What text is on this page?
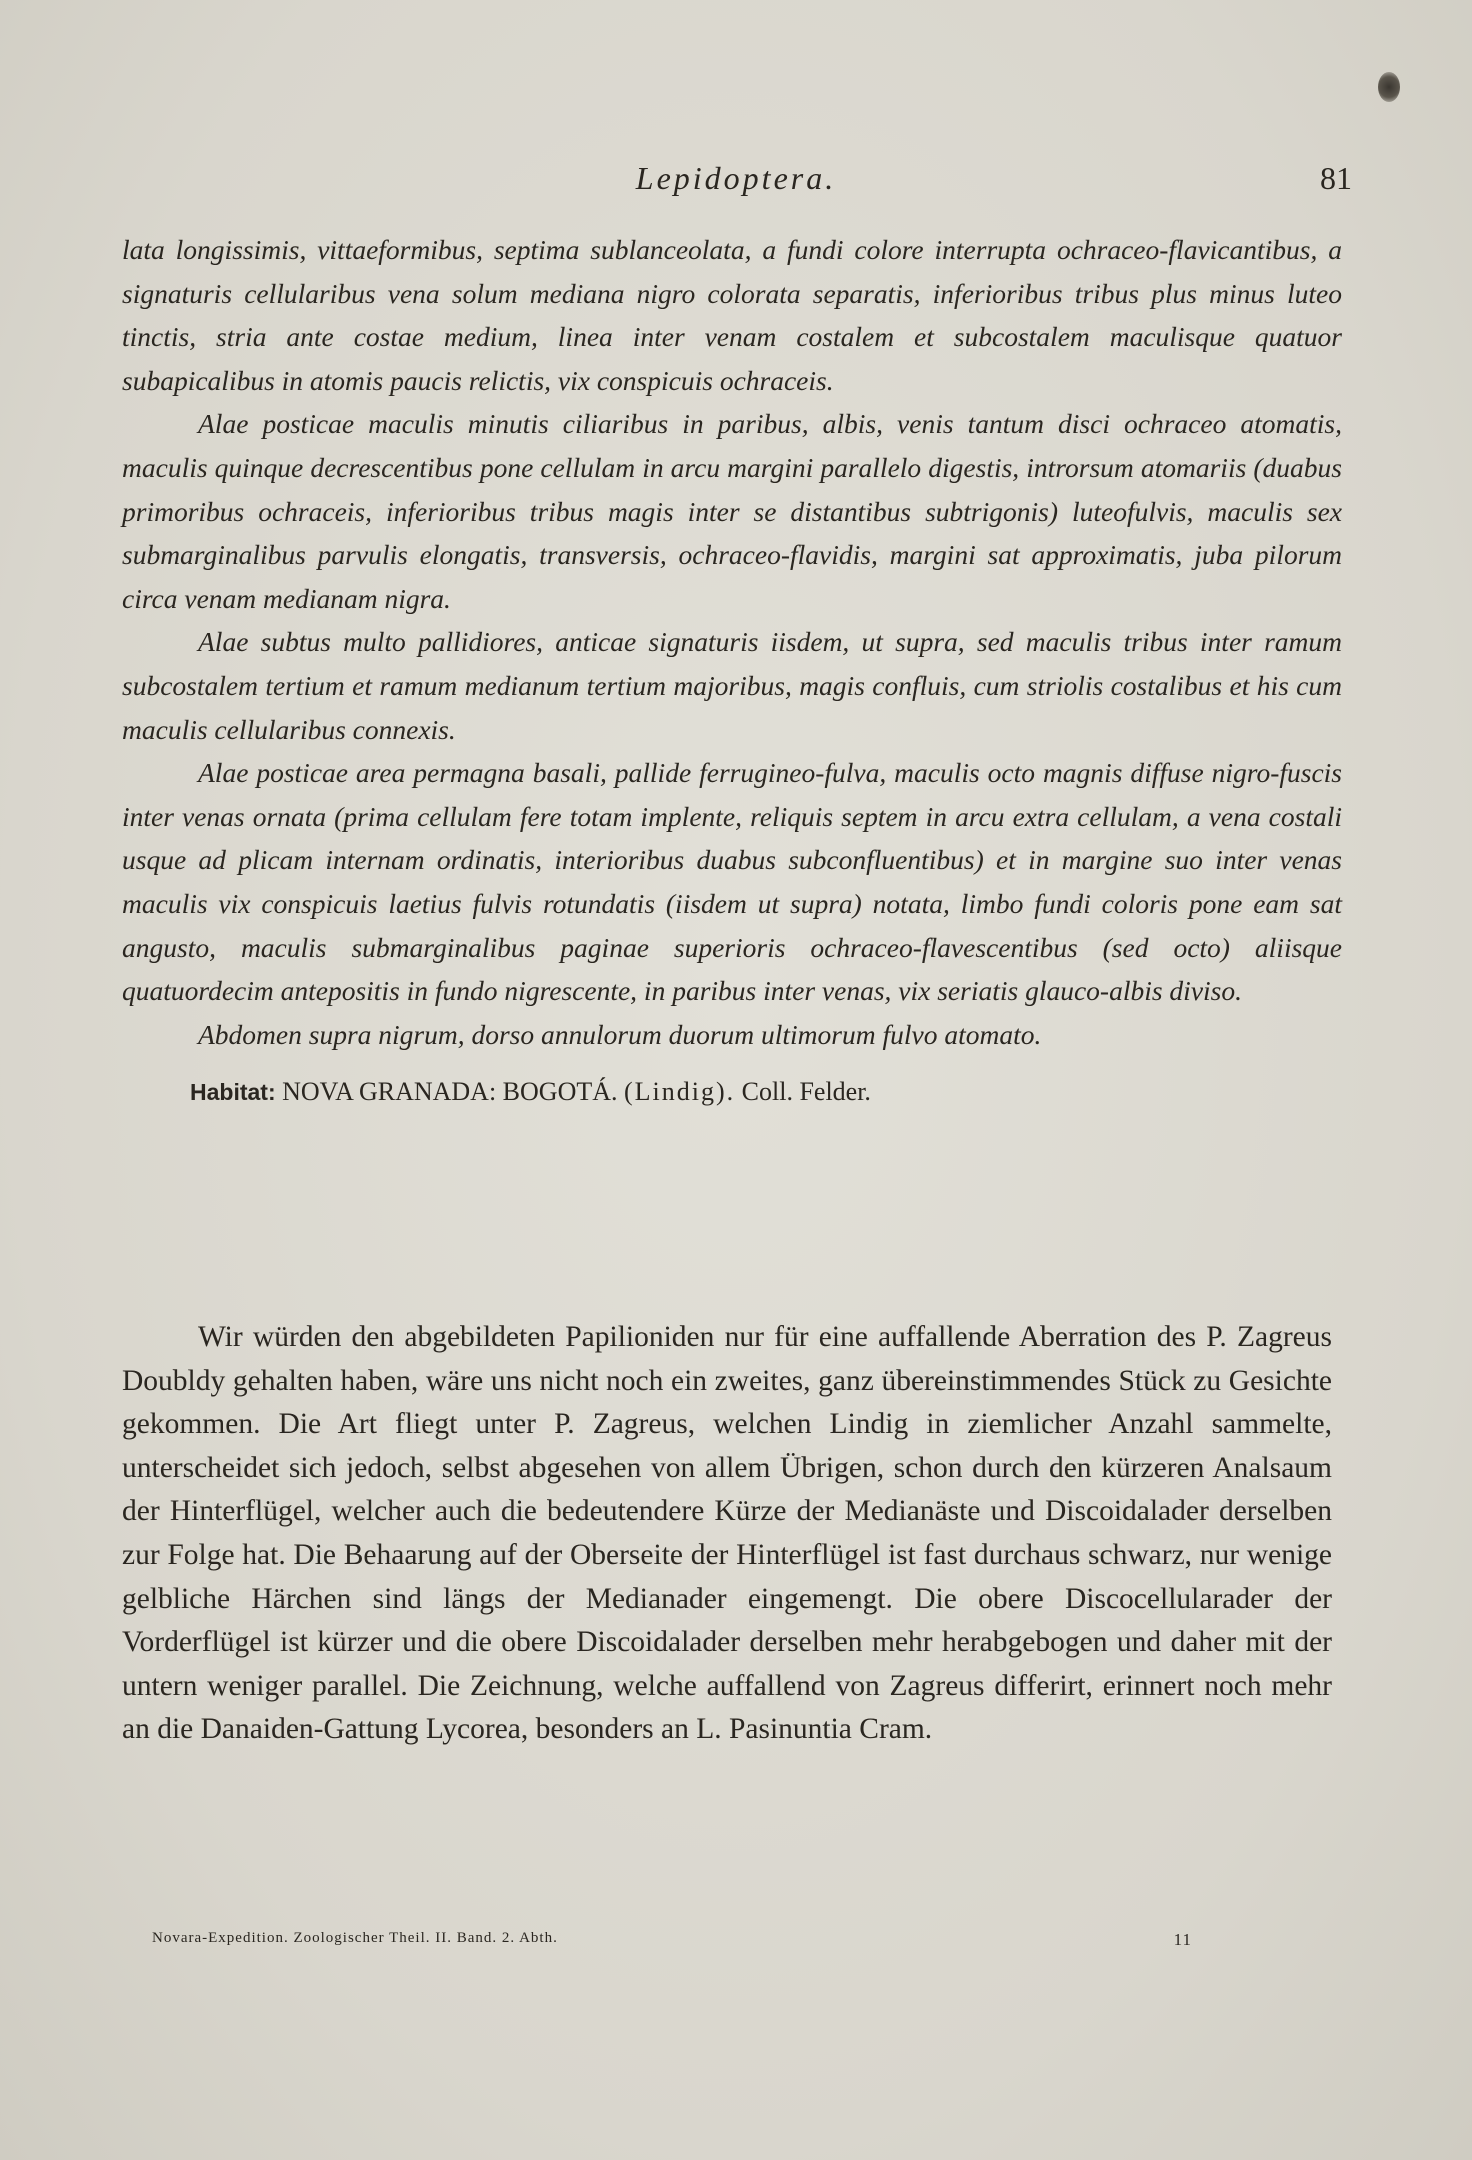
Lepidoptera.	81

lata longissimis, vittaeformibus, septima sublanceolata, a fundi colore interrupta ochraceo-flavicantibus, a signaturis cellularibus vena solum mediana nigro colorata separatis, inferioribus tribus plus minus luteo tinctis, stria ante costae medium, linea inter venam costalem et subcostalem maculisque quatuor subapicalibus in atomis paucis relictis, vix conspicuis ochraceis.

Alae posticae maculis minutis ciliaribus in paribus, albis, venis tantum disci ochraceo atomatis, maculis quinque decrescentibus pone cellulam in arcu margini parallelo digestis, introrsum atomariis (duabus primoribus ochraceis, inferioribus tribus magis inter se distantibus subtrigonis) luteofulvis, maculis sex submarginalibus parvulis elongatis, transversis, ochraceo-flavidis, margini sat approximatis, juba pilorum circa venam medianam nigra.

Alae subtus multo pallidiores, anticae signaturis iisdem, ut supra, sed maculis tribus inter ramum subcostalem tertium et ramum medianum tertium majoribus, magis confluis, cum striolis costalibus et his cum maculis cellularibus connexis.

Alae posticae area permagna basali, pallide ferrugineo-fulva, maculis octo magnis diffuse nigro-fuscis inter venas ornata (prima cellulam fere totam implente, reliquis septem in arcu extra cellulam, a vena costali usque ad plicam internam ordinatis, interioribus duabus subconfluentibus) et in margine suo inter venas maculis vix conspicuis laetius fulvis rotundatis (iisdem ut supra) notata, limbo fundi coloris pone eam sat angusto, maculis submarginalibus paginae superioris ochraceo-flavescentibus (sed octo) aliisque quatuordecim antepositis in fundo nigrescente, in paribus inter venas, vix seriatis glauco-albis diviso.

Abdomen supra nigrum, dorso annulorum duorum ultimorum fulvo atomato.

Habitat: NOVA GRANADA: BOGOTÁ. (Lindig). Coll. Felder.

Wir würden den abgebildeten Papilioniden nur für eine auffallende Aberration des P. Zagreus Doubldy gehalten haben, wäre uns nicht noch ein zweites, ganz übereinstimmendes Stück zu Gesichte gekommen. Die Art fliegt unter P. Zagreus, welchen Lindig in ziemlicher Anzahl sammelte, unterscheidet sich jedoch, selbst abgesehen von allem Übrigen, schon durch den kürzeren Analsaum der Hinterflügel, welcher auch die bedeutendere Kürze der Medianäste und Discoidalader derselben zur Folge hat. Die Behaarung auf der Oberseite der Hinterflügel ist fast durchaus schwarz, nur wenige gelbliche Härchen sind längs der Medianader eingemengt. Die obere Discocellularader der Vorderflügel ist kürzer und die obere Discoidalader derselben mehr herabgebogen und daher mit der untern weniger parallel. Die Zeichnung, welche auffallend von Zagreus differirt, erinnert noch mehr an die Danaiden-Gattung Lycorea, besonders an L. Pasinuntia Cram.

Novara-Expedition. Zoologischer Theil. II. Band. 2. Abth.	11
